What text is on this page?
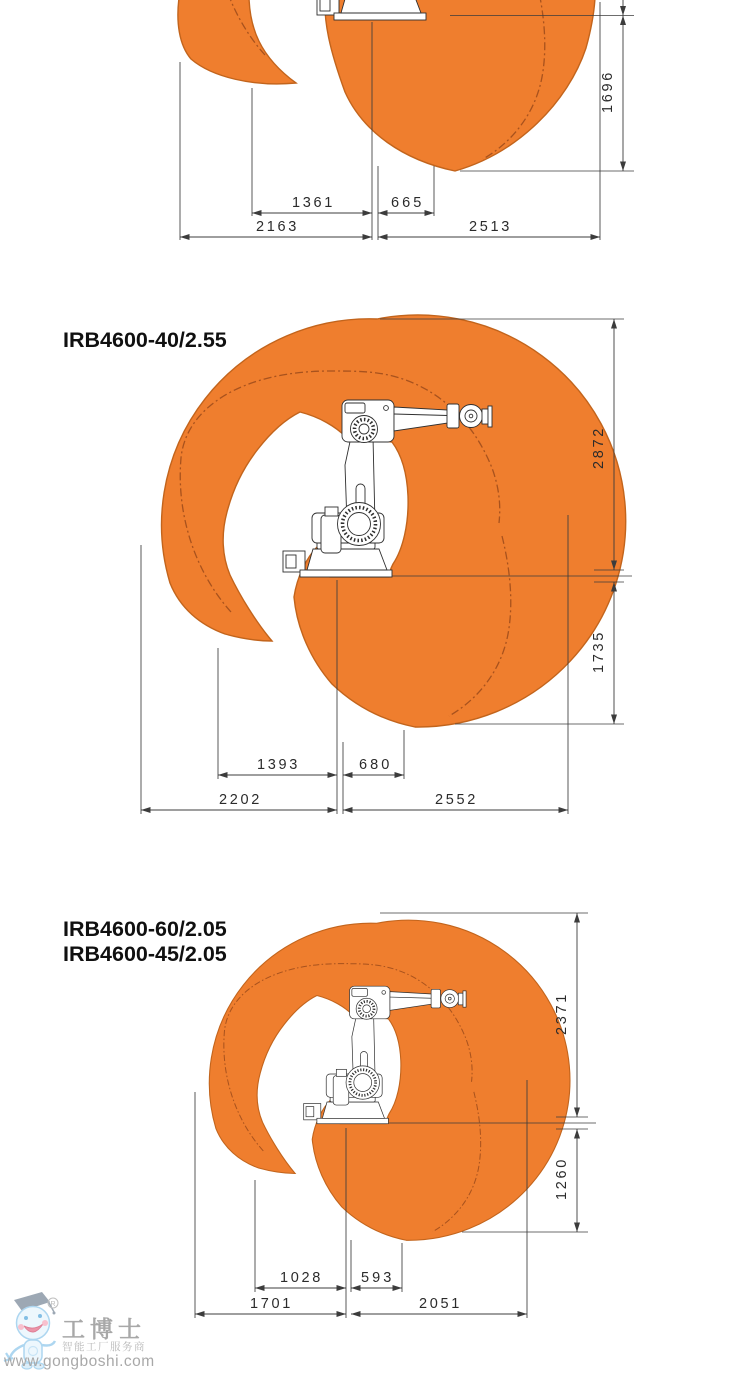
1696
1361	665
2163	2513
IRB4600-40/2.55
2872
1735
1393	680
2202	2552
IRB4600-60/2.05
IRB4600-45/2.05
2371
1260
1028	593
1701	2051
R
工博士
智能工厂服务商
www.gongboshi.com
